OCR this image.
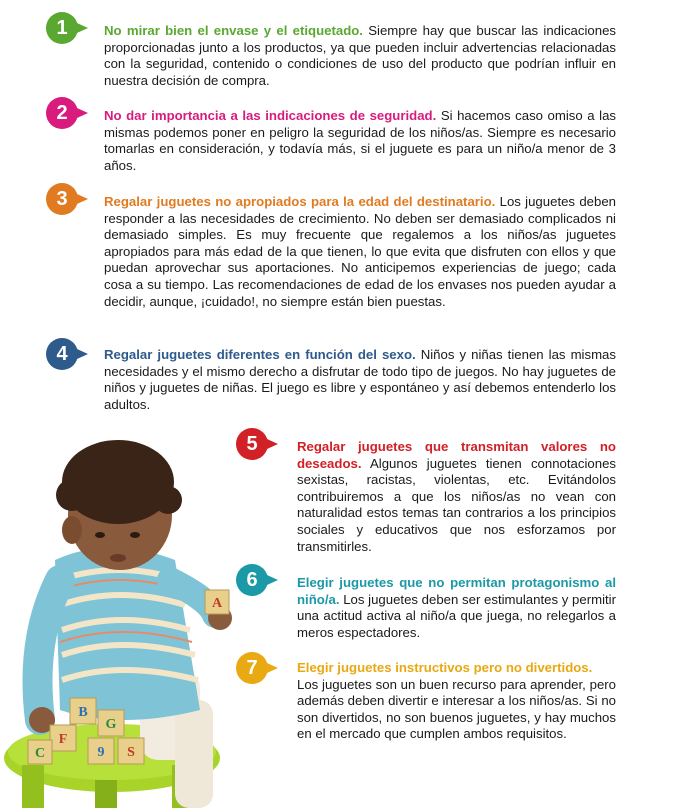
A
B
G
F
9 S
C
1	No mirar bien el envase y el etiquetado. Siempre hay que buscar las indicaciones proporcionadas junto a los productos, ya que pueden incluir advertencias relacionadas con la seguridad, contenido o condiciones de uso del producto que podrían influir en nuestra decisión de compra.
2	No dar importancia a las indicaciones de seguridad. Si hacemos caso omiso a las mismas podemos poner en peligro la seguridad de los niños/as. Siempre es necesario tomarlas en consideración, y todavía más, si el juguete es para un niño/a menor de 3 años.
3	Regalar juguetes no apropiados para la edad del destinatario. Los juguetes deben responder a las necesidades de crecimiento. No deben ser demasiado complicados ni demasiado simples. Es muy frecuente que regalemos a los niños/as juguetes apropiados para más edad de la que tienen, lo que evita que disfruten con ellos y que puedan aprovechar sus aportaciones. No anticipemos experiencias de juego; cada cosa a su tiempo. Las recomendaciones de edad de los envases nos pueden ayudar a decidir, aunque, ¡cuidado!, no siempre están bien puestas.
4	Regalar juguetes diferentes en función del sexo. Niños y niñas tienen las mismas necesidades y el mismo derecho a disfrutar de todo tipo de juegos. No hay juguetes de niños y juguetes de niñas. El juego es libre y espontáneo y así debemos entenderlo los adultos.
5	Regalar juguetes que transmitan valores no deseados. Algunos juguetes tienen connotaciones sexistas, racistas, violentas, etc. Evitándolos contribuiremos a que los niños/as no vean con naturalidad estos temas tan contrarios a los principios sociales y educativos que nos esforzamos por transmitirles.
6	Elegir juguetes que no permitan protagonismo al niño/a. Los juguetes deben ser estimulantes y permitir una actitud activa al niño/a que juega, no relegarlos a meros espectadores.
7	Elegir juguetes instructivos pero no divertidos.
Los juguetes son un buen recurso para aprender, pero además deben divertir e interesar a los niños/as. Si no son divertidos, no son buenos juguetes, y hay muchos en el mercado que cumplen ambos requisitos.
